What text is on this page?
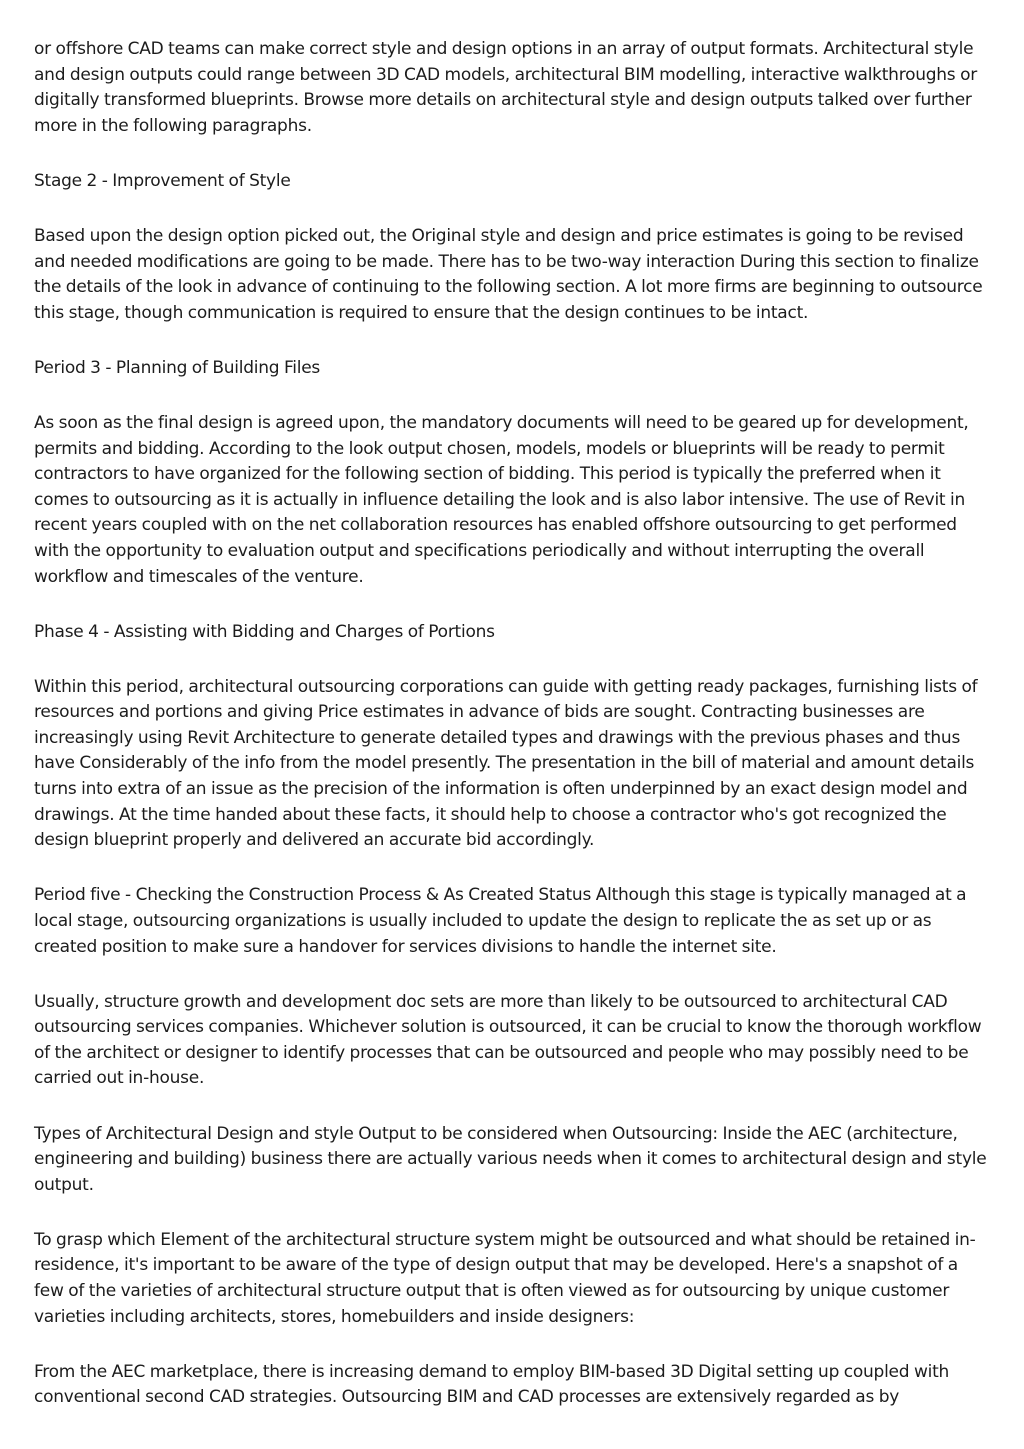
or offshore CAD teams can make correct style and design options in an array of output formats. Architectural style and design outputs could range between 3D CAD models, architectural BIM modelling, interactive walkthroughs or digitally transformed blueprints. Browse more details on architectural style and design outputs talked over further more in the following paragraphs.

Stage 2 - Improvement of Style

Based upon the design option picked out, the Original style and design and price estimates is going to be revised and needed modifications are going to be made. There has to be two-way interaction During this section to finalize the details of the look in advance of continuing to the following section. A lot more firms are beginning to outsource this stage, though communication is required to ensure that the design continues to be intact.

Period 3 - Planning of Building Files

As soon as the final design is agreed upon, the mandatory documents will need to be geared up for development, permits and bidding. According to the look output chosen, models, models or blueprints will be ready to permit contractors to have organized for the following section of bidding. This period is typically the preferred when it comes to outsourcing as it is actually in influence detailing the look and is also labor intensive. The use of Revit in recent years coupled with on the net collaboration resources has enabled offshore outsourcing to get performed with the opportunity to evaluation output and specifications periodically and without interrupting the overall workflow and timescales of the venture.

Phase 4 - Assisting with Bidding and Charges of Portions

Within this period, architectural outsourcing corporations can guide with getting ready packages, furnishing lists of resources and portions and giving Price estimates in advance of bids are sought. Contracting businesses are increasingly using Revit Architecture to generate detailed types and drawings with the previous phases and thus have Considerably of the info from the model presently. The presentation in the bill of material and amount details turns into extra of an issue as the precision of the information is often underpinned by an exact design model and drawings. At the time handed about these facts, it should help to choose a contractor who's got recognized the design blueprint properly and delivered an accurate bid accordingly.

Period five - Checking the Construction Process & As Created Status Although this stage is typically managed at a local stage, outsourcing organizations is usually included to update the design to replicate the as set up or as created position to make sure a handover for services divisions to handle the internet site.

Usually, structure growth and development doc sets are more than likely to be outsourced to architectural CAD outsourcing services companies. Whichever solution is outsourced, it can be crucial to know the thorough workflow of the architect or designer to identify processes that can be outsourced and people who may possibly need to be carried out in-house.

Types of Architectural Design and style Output to be considered when Outsourcing: Inside the AEC (architecture, engineering and building) business there are actually various needs when it comes to architectural design and style output.

To grasp which Element of the architectural structure system might be outsourced and what should be retained in-residence, it's important to be aware of the type of design output that may be developed. Here's a snapshot of a few of the varieties of architectural structure output that is often viewed as for outsourcing by unique customer varieties including architects, stores, homebuilders and inside designers:

From the AEC marketplace, there is increasing demand to employ BIM-based 3D Digital setting up coupled with conventional second CAD strategies. Outsourcing BIM and CAD processes are extensively regarded as by
